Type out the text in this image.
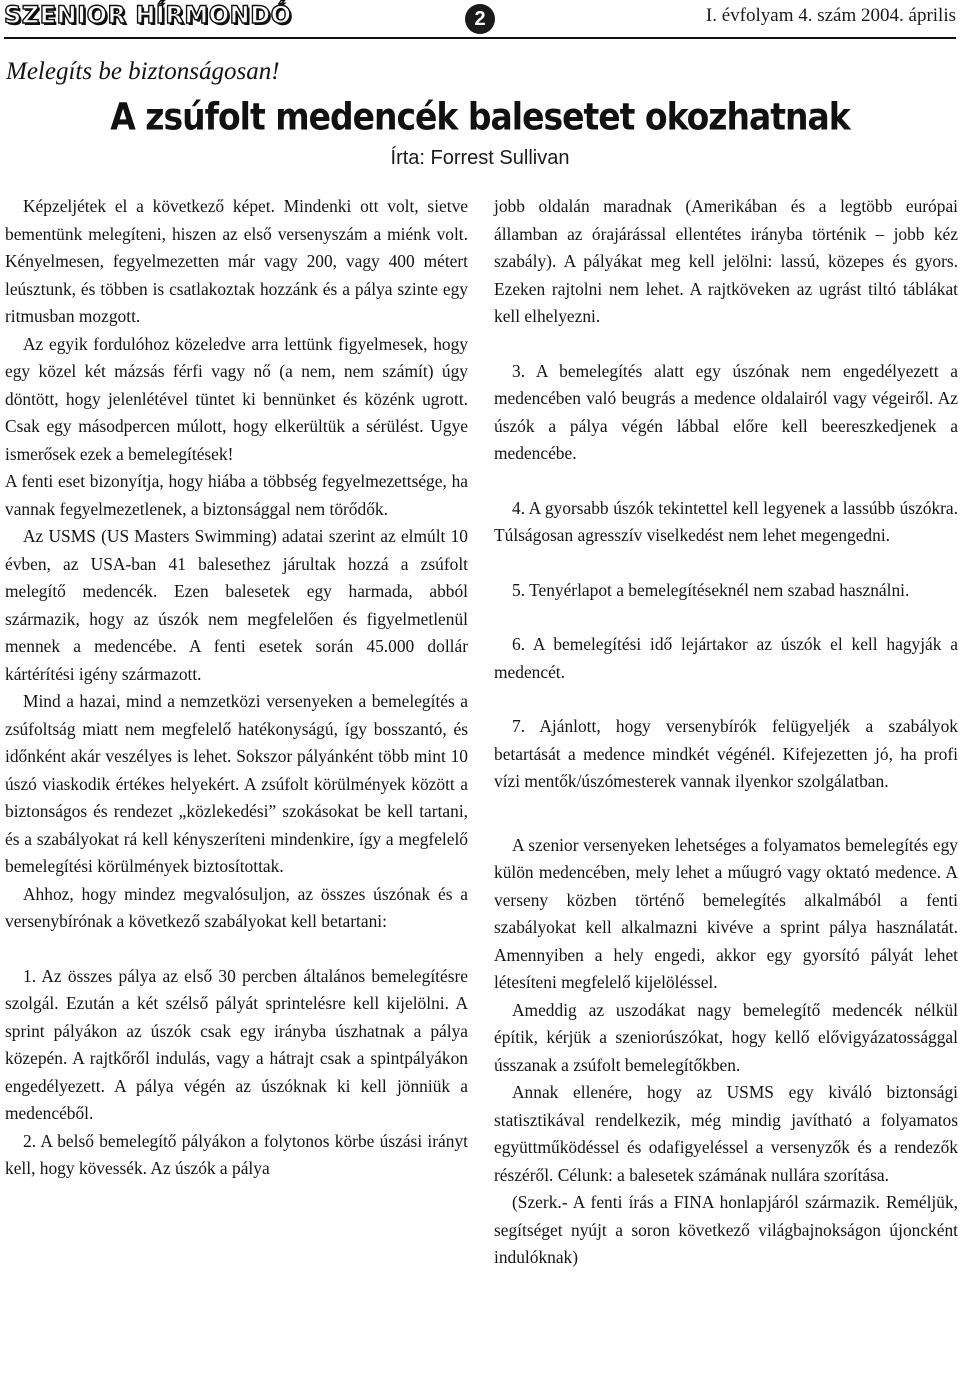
SZENIOR HÍRMONDÓ	2	I. évfolyam 4. szám 2004. április
Melegíts be biztonságosan!
A zsúfolt medencék balesetet okozhatnak
Írta: Forrest Sullivan

Képzeljétek el a következő képet. Mindenki ott volt, sietve bementünk melegíteni, hiszen az első versenyszám a miénk volt. Kényelmesen, fegyelmezetten már vagy 200, vagy 400 métert leúsztunk, és többen is csatlakoztak hozzánk és a pálya szinte egy ritmusban mozgott.

Az egyik fordulóhoz közeledve arra lettünk figyelmesek, hogy egy közel két mázsás férfi vagy nő (a nem, nem számít) úgy döntött, hogy jelenlétével tüntet ki bennünket és közénk ugrott. Csak egy másodpercen múlott, hogy elkerültük a sérülést. Ugye ismerősek ezek a bemelegítések!

A fenti eset bizonyítja, hogy hiába a többség fegyelmezettsége, ha vannak fegyelmezetlenek, a biztonsággal nem törődők.

Az USMS (US Masters Swimming) adatai szerint az elmúlt 10 évben, az USA-ban 41 balesethez járultak hozzá a zsúfolt melegítő medencék. Ezen balesetek egy harmada, abból származik, hogy az úszók nem megfelelően és figyelmetlenül mennek a medencébe. A fenti esetek során 45.000 dollár kártérítési igény származott.

Mind a hazai, mind a nemzetközi versenyeken a bemelegítés a zsúfoltság miatt nem megfelelő hatékonyságú, így bosszantó, és időnként akár veszélyes is lehet. Sokszor pályánként több mint 10 úszó viaskodik értékes helyekért. A zsúfolt körülmények között a biztonságos és rendezet „közlekedési” szokásokat be kell tartani, és a szabályokat rá kell kényszeríteni mindenkire, így a megfelelő bemelegítési körülmények biztosítottak.

Ahhoz, hogy mindez megvalósuljon, az összes úszónak és a versenybírónak a következő szabályokat kell betartani:

1. Az összes pálya az első 30 percben általános bemelegítésre szolgál. Ezután a két szélső pályát sprintelésre kell kijelölni. A sprint pályákon az úszók csak egy irányba úszhatnak a pálya közepén. A rajtkőről indulás, vagy a hátrajt csak a spintpályákon engedélyezett. A pálya végén az úszóknak ki kell jönniük a medencéből.

2. A belső bemelegítő pályákon a folytonos körbe úszási irányt kell, hogy kövessék. Az úszók a pálya

jobb oldalán maradnak (Amerikában és a legtöbb európai államban az órajárással ellentétes irányba történik – jobb kéz szabály). A pályákat meg kell jelölni: lassú, közepes és gyors. Ezeken rajtolni nem lehet. A rajtköveken az ugrást tiltó táblákat kell elhelyezni.

3. A bemelegítés alatt egy úszónak nem engedélyezett a medencében való beugrás a medence oldalairól vagy végeiről. Az úszók a pálya végén lábbal előre kell beereszkedjenek a medencébe.

4. A gyorsabb úszók tekintettel kell legyenek a lassúbb úszókra. Túlságosan agresszív viselkedést nem lehet megengedni.

5. Tenyérlapot a bemelegítéseknél nem szabad használni.

6. A bemelegítési idő lejártakor az úszók el kell hagyják a medencét.

7. Ajánlott, hogy versenybírók felügyeljék a szabályok betartását a medence mindkét végénél. Kifejezetten jó, ha profi vízi mentők/úszómesterek vannak ilyenkor szolgálatban.

A szenior versenyeken lehetséges a folyamatos bemelegítés egy külön medencében, mely lehet a műugró vagy oktató medence. A verseny közben történő bemelegítés alkalmából a fenti szabályokat kell alkalmazni kivéve a sprint pálya használatát. Amennyiben a hely engedi, akkor egy gyorsító pályát lehet létesíteni megfelelő kijelöléssel.

Ameddig az uszodákat nagy bemelegítő medencék nélkül építik, kérjük a szeniorúszókat, hogy kellő elővigyázatossággal ússzanak a zsúfolt bemelegítőkben.

Annak ellenére, hogy az USMS egy kiváló biztonsági statisztikával rendelkezik, még mindig javítható a folyamatos együttműködéssel és odafigyeléssel a versenyzők és a rendezők részéről. Célunk: a balesetek számának nullára szorítása.

(Szerk.- A fenti írás a FINA honlapjáról származik. Reméljük, segítséget nyújt a soron következő világbajnokságon újoncként indulóknak)
